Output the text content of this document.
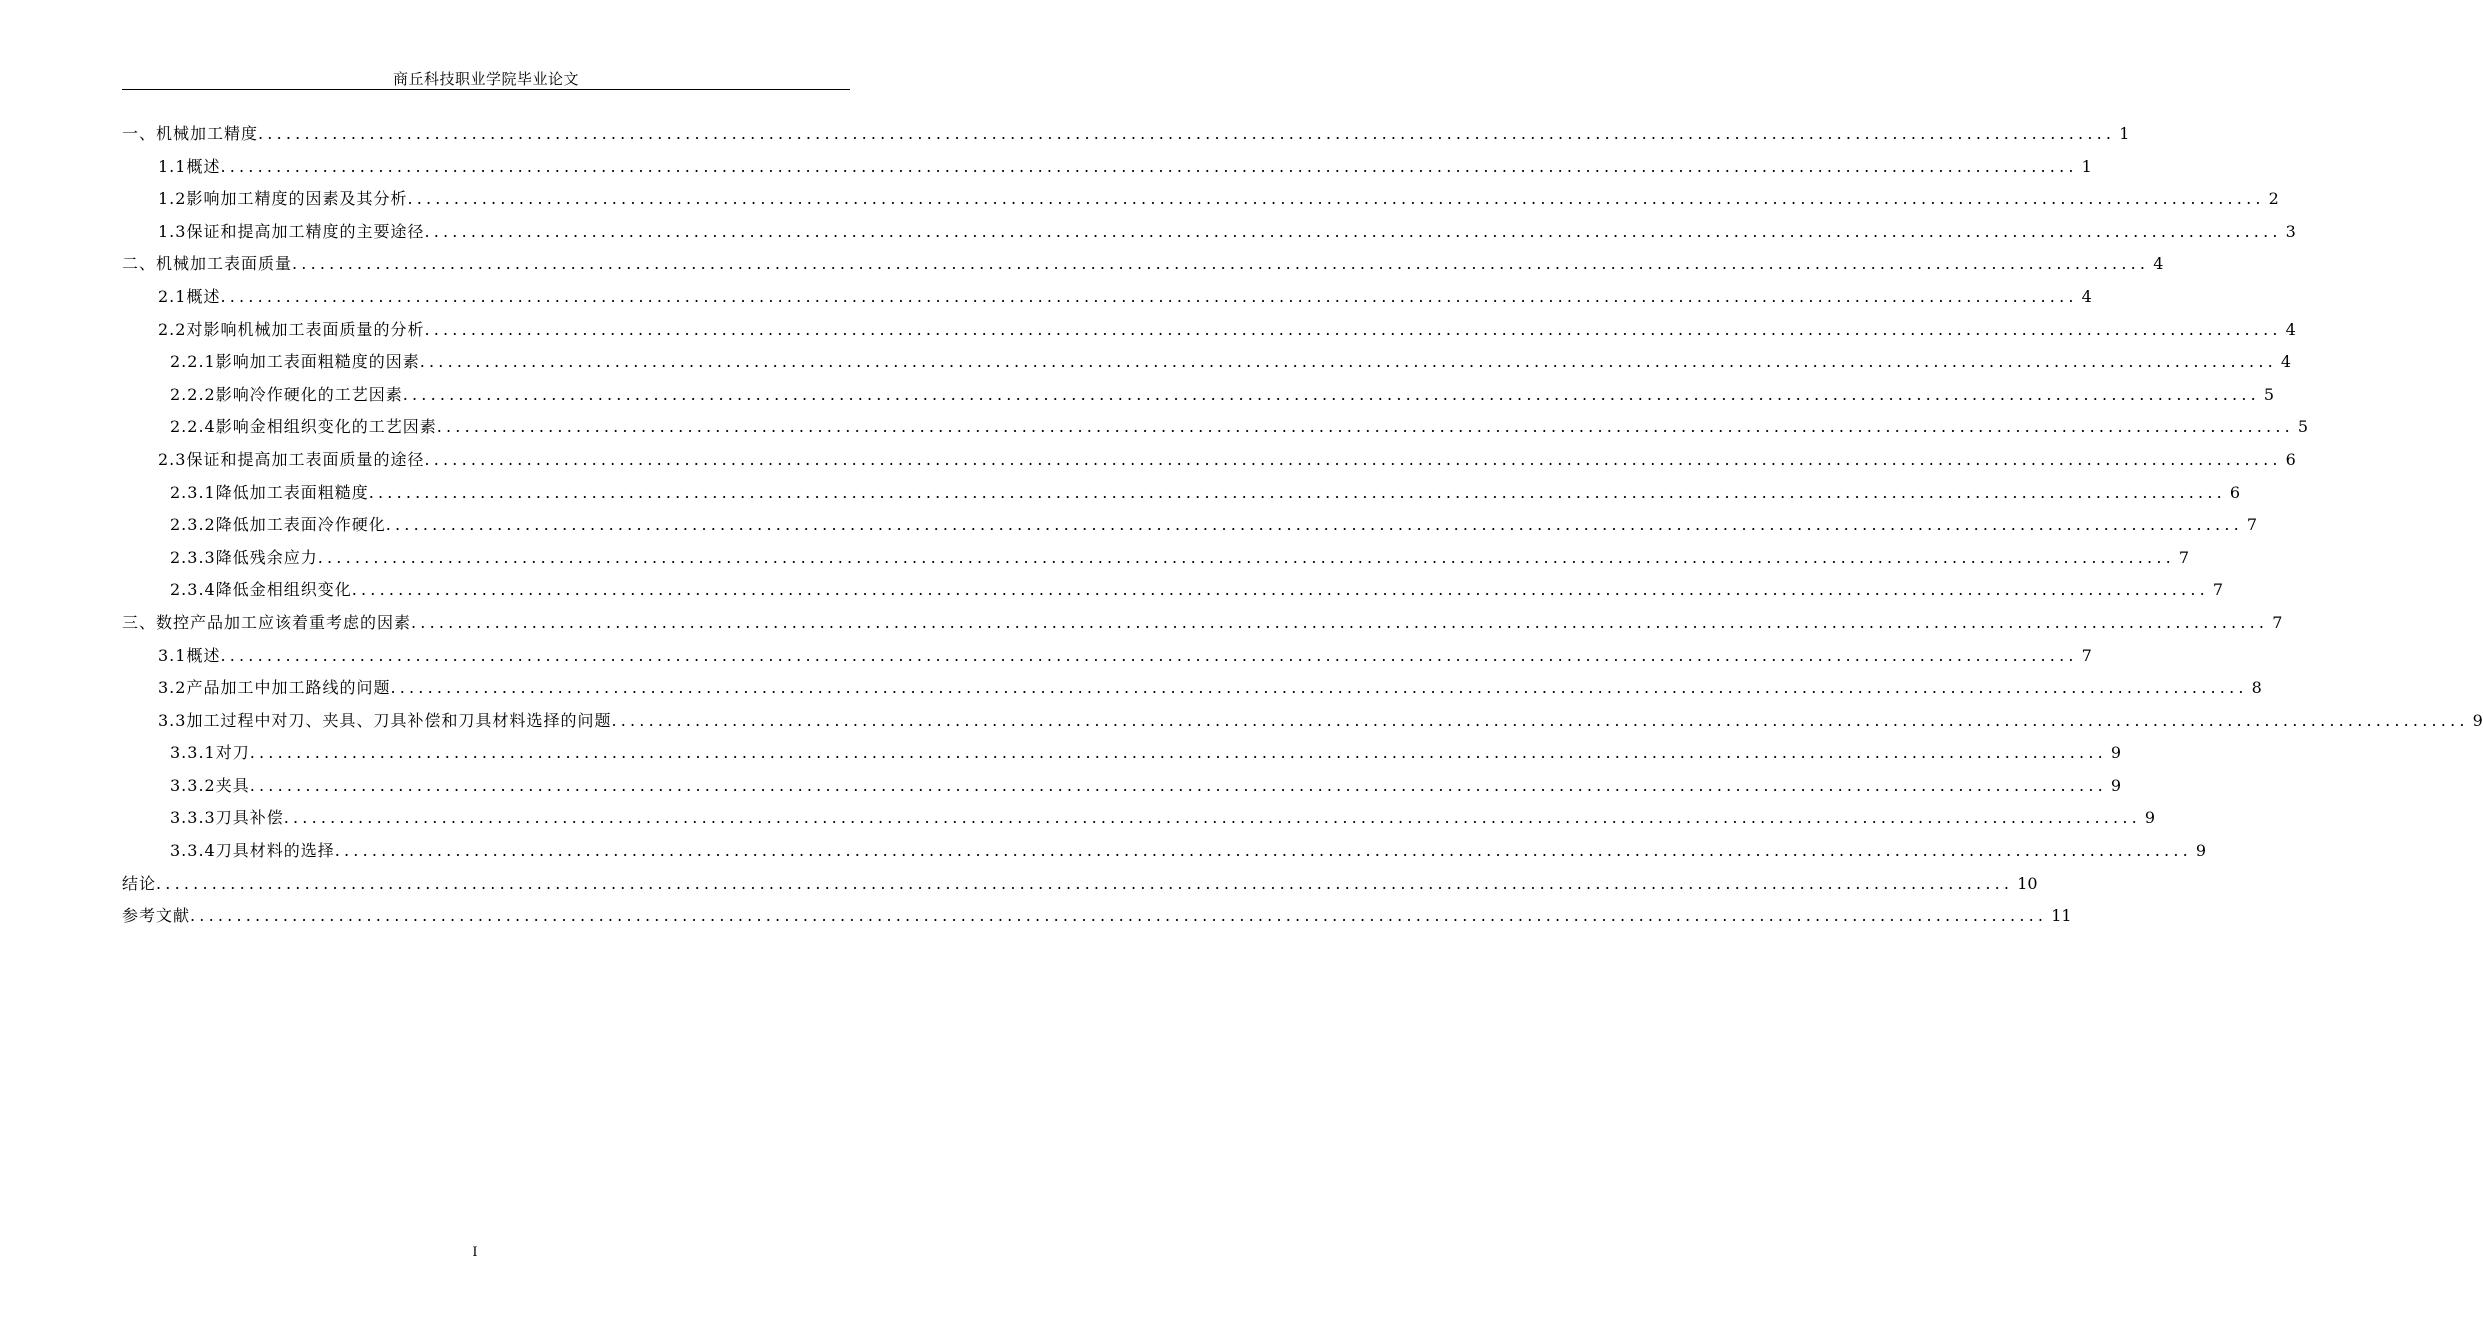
商丘科技职业学院毕业论文
一、机械加工精度 ........................................................................................................................................................................................................ 1
1.1概述 ........................................................................................................................................................................................................ 1
1.2影响加工精度的因素及其分析 ........................................................................................................................................................................................................ 2
1.3保证和提高加工精度的主要途径 ........................................................................................................................................................................................................ 3
二、机械加工表面质量 ........................................................................................................................................................................................................ 4
2.1概述 ........................................................................................................................................................................................................ 4
2.2对影响机械加工表面质量的分析 ........................................................................................................................................................................................................ 4
2.2.1影响加工表面粗糙度的因素 ........................................................................................................................................................................................................ 4
2.2.2影响冷作硬化的工艺因素 ........................................................................................................................................................................................................ 5
2.2.4影响金相组织变化的工艺因素 ........................................................................................................................................................................................................ 5
2.3保证和提高加工表面质量的途径 ........................................................................................................................................................................................................ 6
2.3.1降低加工表面粗糙度 ........................................................................................................................................................................................................ 6
2.3.2降低加工表面冷作硬化 ........................................................................................................................................................................................................ 7
2.3.3降低残余应力 ........................................................................................................................................................................................................ 7
2.3.4降低金相组织变化 ........................................................................................................................................................................................................ 7
三、数控产品加工应该着重考虑的因素 ........................................................................................................................................................................................................ 7
3.1概述 ........................................................................................................................................................................................................ 7
3.2产品加工中加工路线的问题 ........................................................................................................................................................................................................ 8
3.3加工过程中对刀、夹具、刀具补偿和刀具材料选择的问题 ........................................................................................................................................................................................................ 9
3.3.1对刀 ........................................................................................................................................................................................................ 9
3.3.2夹具 ........................................................................................................................................................................................................ 9
3.3.3刀具补偿 ........................................................................................................................................................................................................ 9
3.3.4刀具材料的选择 ........................................................................................................................................................................................................ 9
结论 ........................................................................................................................................................................................................ 10
参考文献 ........................................................................................................................................................................................................ 11
I
